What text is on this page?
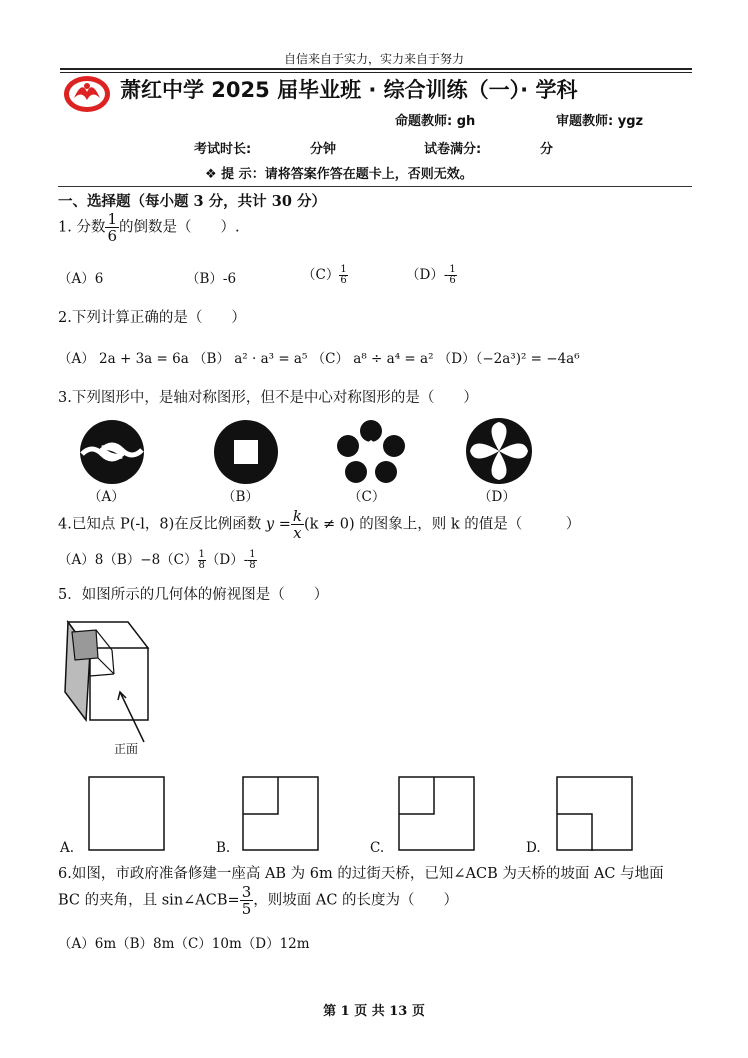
自信来自于实力，实力来自于努力
萧红中学 2025 届毕业班 · 综合训练（一）· 学科
命题教师: gh	审题教师: ygz
考试时长:	分钟	试卷满分:	分
❖ 提 示：请将答案作答在题卡上，否则无效。
一、选择题（每小题 3 分，共计 30 分）
1. 分数 $\frac{1}{6}$ 的倒数是（　　）.
（A）6	（B）-6	$(C) \frac{1}{6}$	$(D)- \frac{1}{6}$
2.下列计算正确的是（　　）
（A） 2a + 3a = 6a （B） a² · a³ = a⁵ （C） a⁸ ÷ a⁴ = a² （D）（−2a³)² = −4a⁶
3.下列图形中，是轴对称图形，但不是中心对称图形的是（　　）
（A）	（B）	（C）	（D）
4.已知点 P(-l，8)在反比例函数 $y = \frac{k}{x} (k \ne 0)$ 的图象上，则 k 的值是（　　　）
$(A)8(B)-8(C) \frac{1}{8} (D)- \frac{1}{8}$
5．如图所示的几何体的俯视图是（　　）
正面
A.	B.	C.	D.
6.如图，市政府准备修建一座高 AB 为 6m 的过街天桥，已知∠ACB 为天桥的坡面 AC 与地面
BC 的夹角，且 sin∠ACB= $\frac{3}{5}$ ，则坡面 AC 的长度为（　　）
（A）6m（B）8m（C）10m（D）12m
第 1 页 共 13 页
